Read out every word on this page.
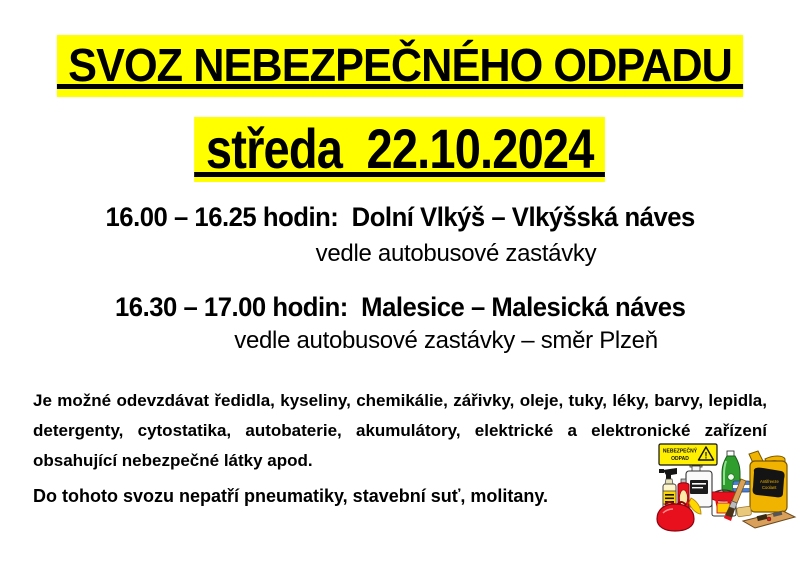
SVOZ NEBEZPEČNÉHO ODPADU
středa  22.10.2024
16.00 – 16.25 hodin:  Dolní Vlkýš – Vlkýšská náves
vedle autobusové zastávky
16.30 – 17.00 hodin:  Malesice – Malesická náves
vedle autobusové zastávky – směr Plzeň

Je možné odevzdávat ředidla, kyseliny, chemikálie, zářivky, oleje, tuky, léky, barvy, lepidla, detergenty, cytostatika, autobaterie, akumulátory, elektrické a elektronické zařízení obsahující nebezpečné látky apod.

Do tohoto svozu nepatří pneumatiky, stavební suť, molitany.

Antifreeze
Coolant
NEBEZPEČNÝ
ODPAD !
